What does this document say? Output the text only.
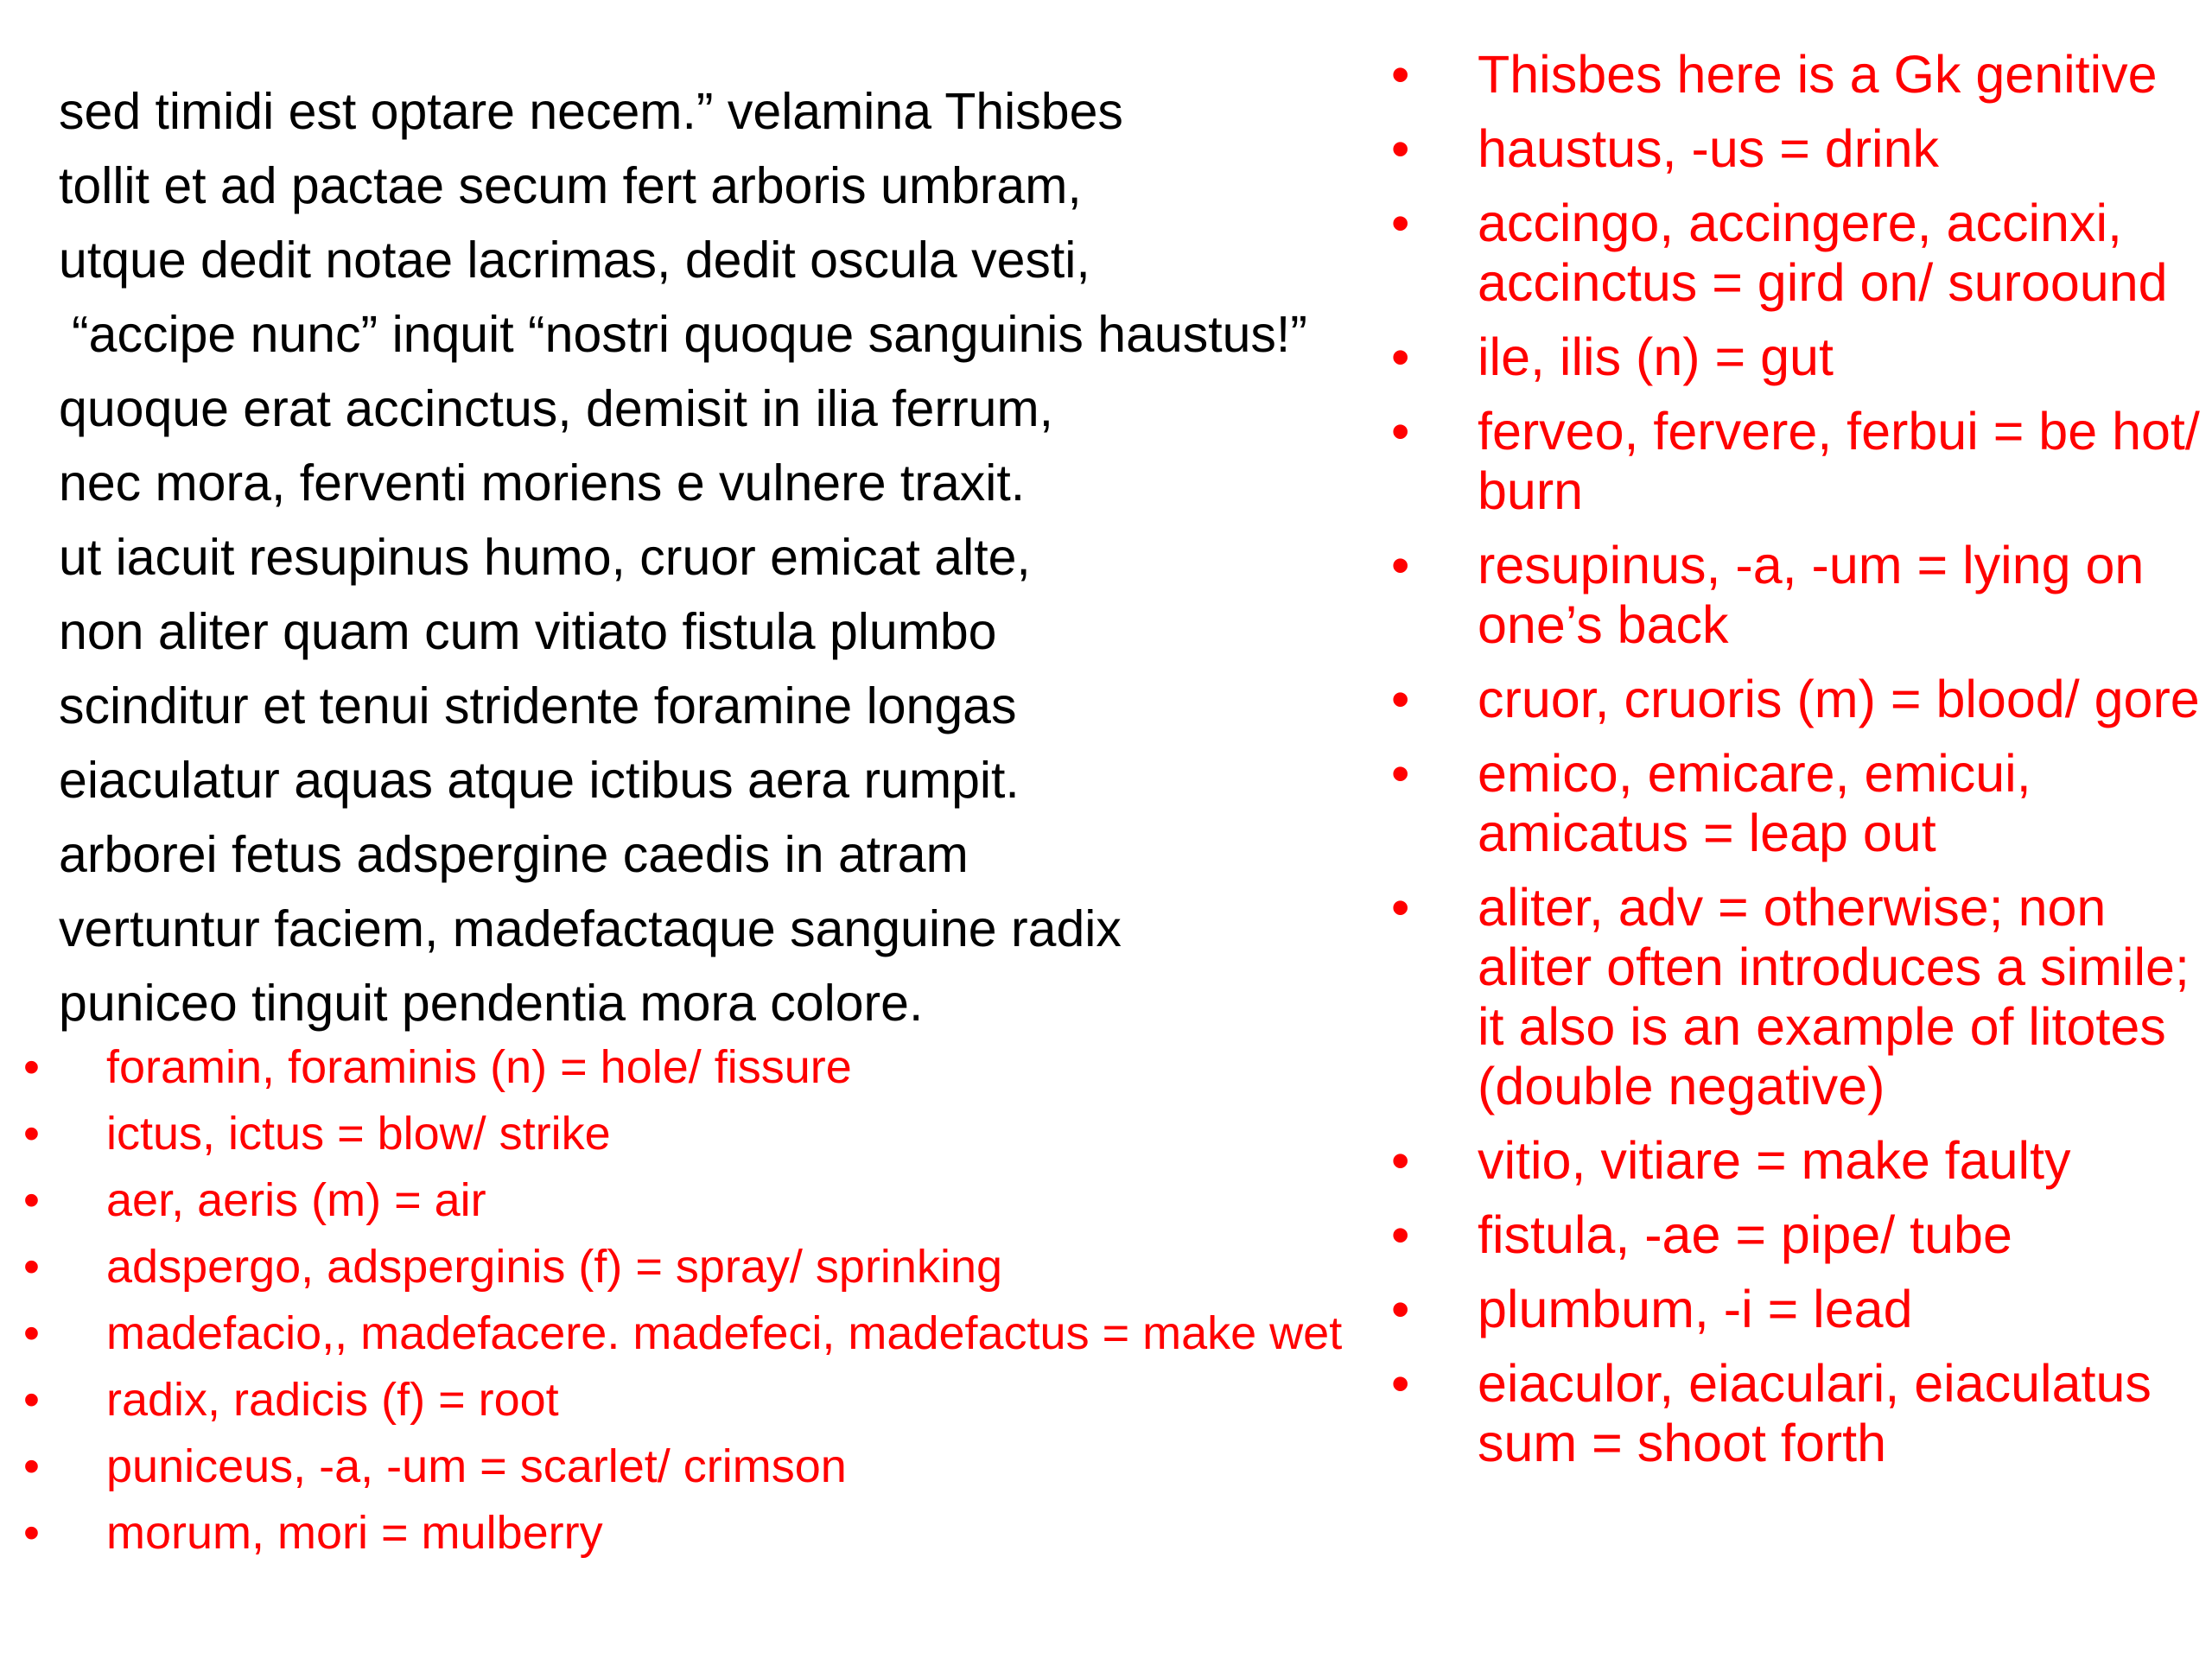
sed timidi est optare necem.” velamina Thisbes
tollit et ad pactae secum fert arboris umbram,
utque dedit notae lacrimas, dedit oscula vesti,
“accipe nunc” inquit “nostri quoque sanguinis haustus!”
quoque erat accinctus, demisit in ilia ferrum,
nec mora, ferventi moriens e vulnere traxit.
ut iacuit resupinus humo, cruor emicat alte,
non aliter quam cum vitiato fistula plumbo
scinditur et tenui stridente foramine longas
eiaculatur aquas atque ictibus aera rumpit.
arborei fetus adspergine caedis in atram
vertuntur faciem, madefactaque sanguine radix
puniceo tinguit pendentia mora colore.
• foramin, foraminis (n) = hole/ fissure
• ictus, ictus = blow/ strike
• aer, aeris (m) = air
• adspergo, adsperginis (f) = spray/ sprinking
• madefacio,, madefacere. madefeci, madefactus = make wet
• radix, radicis (f) = root
• puniceus, -a, -um = scarlet/ crimson
• morum, mori = mulberry
• Thisbes here is a Gk genitive
• haustus, -us = drink
• accingo, accingere, accinxi, accinctus = gird on/ suroound
• ile, ilis (n) = gut
• ferveo, fervere, ferbui = be hot/ burn
• resupinus, -a, -um = lying on one’s back
• cruor, cruoris (m) = blood/ gore
• emico, emicare, emicui, amicatus = leap out
• aliter, adv = otherwise; non aliter often introduces a simile; it also is an example of litotes (double negative)
• vitio, vitiare = make faulty
• fistula, -ae = pipe/ tube
• plumbum, -i = lead
• eiaculor, eiaculari, eiaculatus sum = shoot forth
